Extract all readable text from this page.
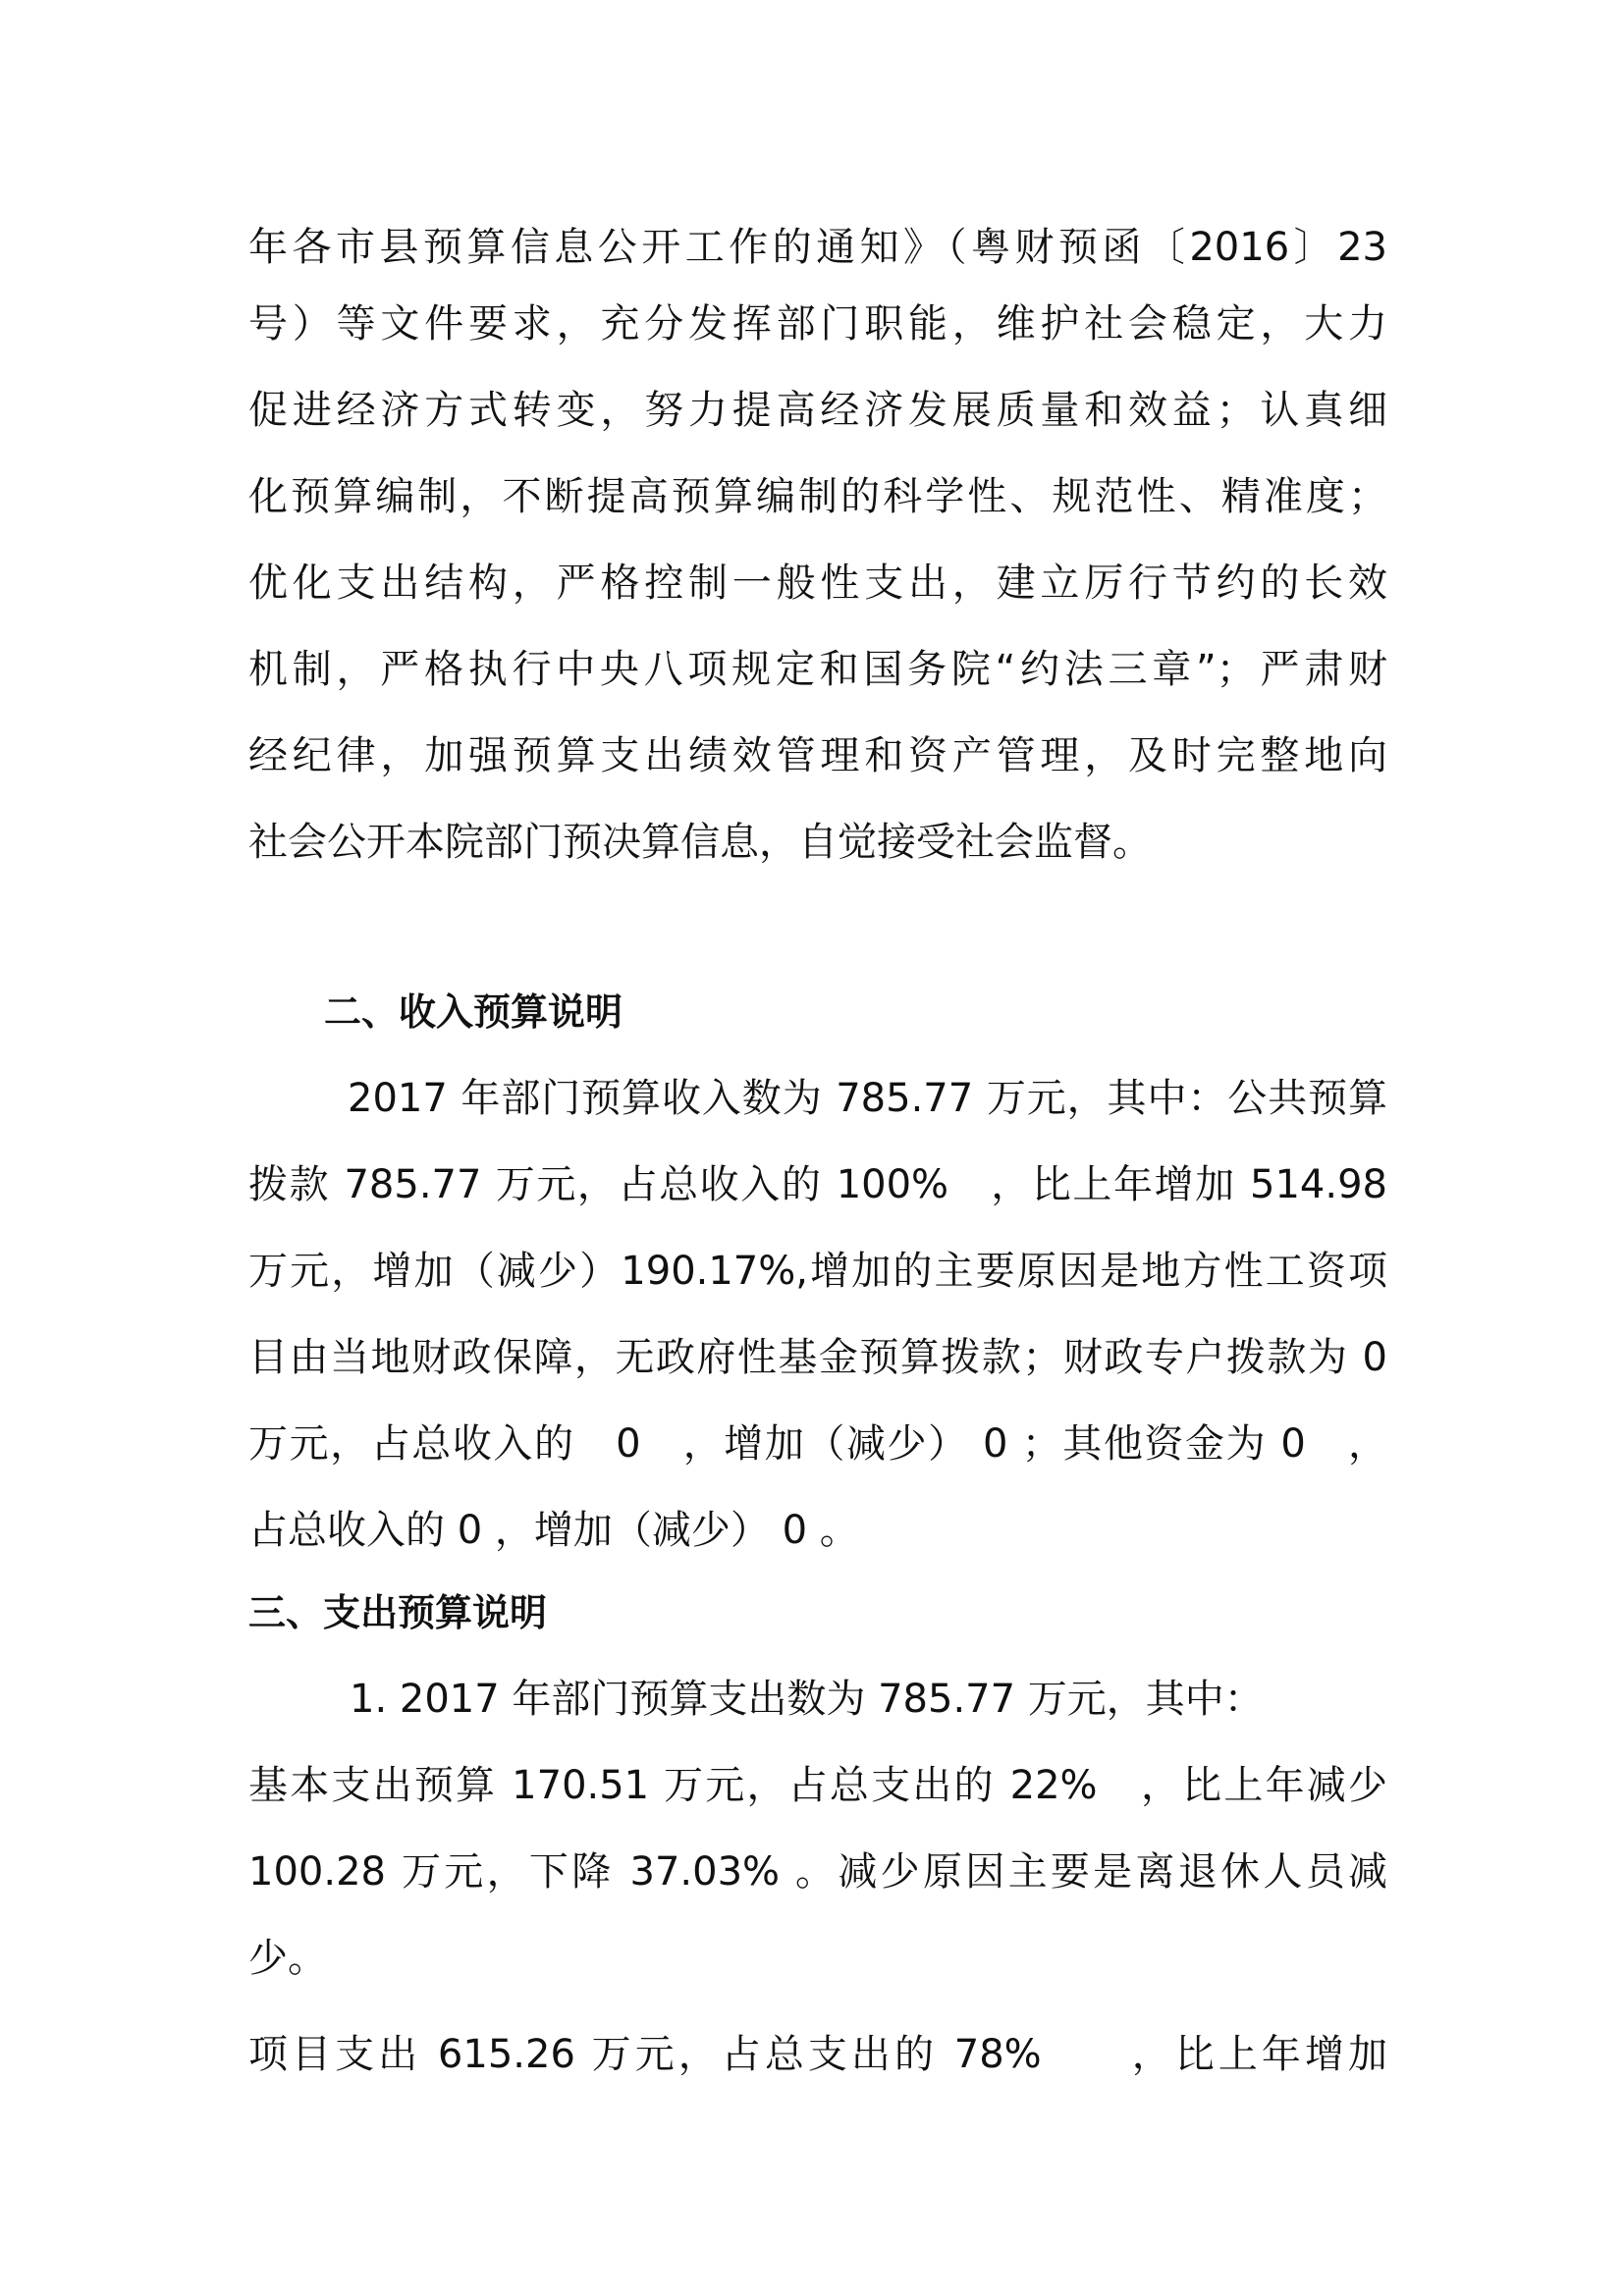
年各市县预算信息公开工作的通知》（粤财预函〔2016〕23
号）等文件要求，充分发挥部门职能，维护社会稳定，大力
促进经济方式转变，努力提高经济发展质量和效益；认真细
化预算编制，不断提高预算编制的科学性、规范性、精准度；
优化支出结构，严格控制一般性支出，建立厉行节约的长效
机制，严格执行中央八项规定和国务院“约法三章”；严肃财
经纪律，加强预算支出绩效管理和资产管理，及时完整地向
社会公开本院部门预决算信息，自觉接受社会监督。
二、收入预算说明
2017 年部门预算收入数为 785.77 万元，其中：公共预算
拨款 785.77 万元，占总收入的 100%　，比上年增加 514.98
万元，增加（减少）190.17%,增加的主要原因是地方性工资项
目由当地财政保障，无政府性基金预算拨款；财政专户拨款为 0
万元，占总收入的　0　，增加（减少） 0 ；其他资金为 0　，
占总收入的 0 ，增加（减少） 0 。
三、支出预算说明
1. 2017 年部门预算支出数为 785.77 万元，其中：
基本支出预算 170.51 万元，占总支出的 22%　，比上年减少
100.28 万元，下降 37.03% 。减少原因主要是离退休人员减
少。
项目支出 615.26 万元，占总支出的 78%　　，比上年增加
